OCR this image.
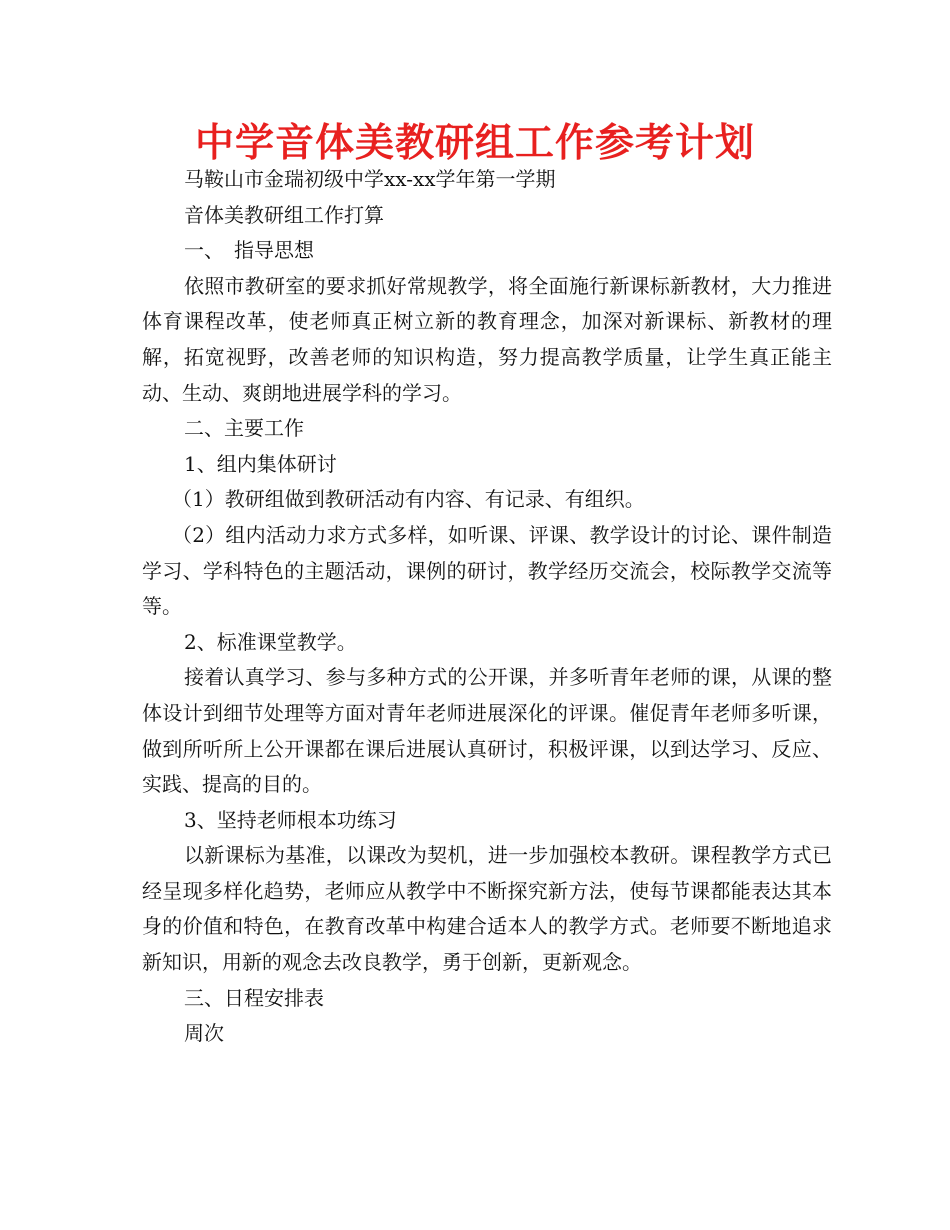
中学音体美教研组工作参考计划
马鞍山市金瑞初级中学xx-xx学年第一学期
音体美教研组工作打算
一、 指导思想

依照市教研室的要求抓好常规教学，将全面施行新课标新教材，大力推进体育课程改革，使老师真正树立新的教育理念，加深对新课标、新教材的理解，拓宽视野，改善老师的知识构造，努力提高教学质量，让学生真正能主动、生动、爽朗地进展学科的学习。

二、主要工作
1、组内集体研讨

（1）教研组做到教研活动有内容、有记录、有组织。

（2）组内活动力求方式多样，如听课、评课、教学设计的讨论、课件制造学习、学科特色的主题活动，课例的研讨，教学经历交流会，校际教学交流等等。

2、标准课堂教学。

接着认真学习、参与多种方式的公开课，并多听青年老师的课，从课的整体设计到细节处理等方面对青年老师进展深化的评课。催促青年老师多听课，做到所听所上公开课都在课后进展认真研讨，积极评课，以到达学习、反应、实践、提高的目的。

3、坚持老师根本功练习

以新课标为基准，以课改为契机，进一步加强校本教研。课程教学方式已经呈现多样化趋势，老师应从教学中不断探究新方法，使每节课都能表达其本身的价值和特色，在教育改革中构建合适本人的教学方式。老师要不断地追求新知识，用新的观念去改良教学，勇于创新，更新观念。

三、日程安排表
周次
